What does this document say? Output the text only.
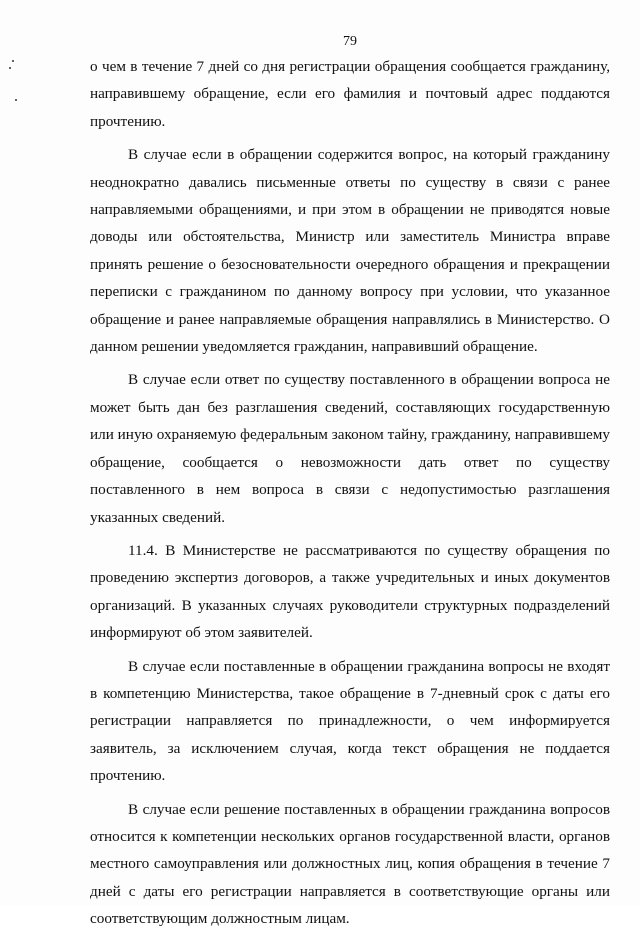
79

о чем в течение 7 дней со дня регистрации обращения сообщается гражданину, направившему обращение, если его фамилия и почтовый адрес поддаются прочтению.

В случае если в обращении содержится вопрос, на который гражданину неоднократно давались письменные ответы по существу в связи с ранее направляемыми обращениями, и при этом в обращении не приводятся новые доводы или обстоятельства, Министр или заместитель Министра вправе принять решение о безосновательности очередного обращения и прекращении переписки с гражданином по данному вопросу при условии, что указанное обращение и ранее направляемые обращения направлялись в Министерство. О данном решении уведомляется гражданин, направивший обращение.

В случае если ответ по существу поставленного в обращении вопроса не может быть дан без разглашения сведений, составляющих государственную или иную охраняемую федеральным законом тайну, гражданину, направившему обращение, сообщается о невозможности дать ответ по существу поставленного в нем вопроса в связи с недопустимостью разглашения указанных сведений.

11.4. В Министерстве не рассматриваются по существу обращения по проведению экспертиз договоров, а также учредительных и иных документов организаций. В указанных случаях руководители структурных подразделений информируют об этом заявителей.

В случае если поставленные в обращении гражданина вопросы не входят в компетенцию Министерства, такое обращение в 7-дневный срок с даты его регистрации направляется по принадлежности, о чем информируется заявитель, за исключением случая, когда текст обращения не поддается прочтению.

В случае если решение поставленных в обращении гражданина вопросов относится к компетенции нескольких органов государственной власти, органов местного самоуправления или должностных лиц, копия обращения в течение 7 дней с даты его регистрации направляется в соответствующие органы или соответствующим должностным лицам.
